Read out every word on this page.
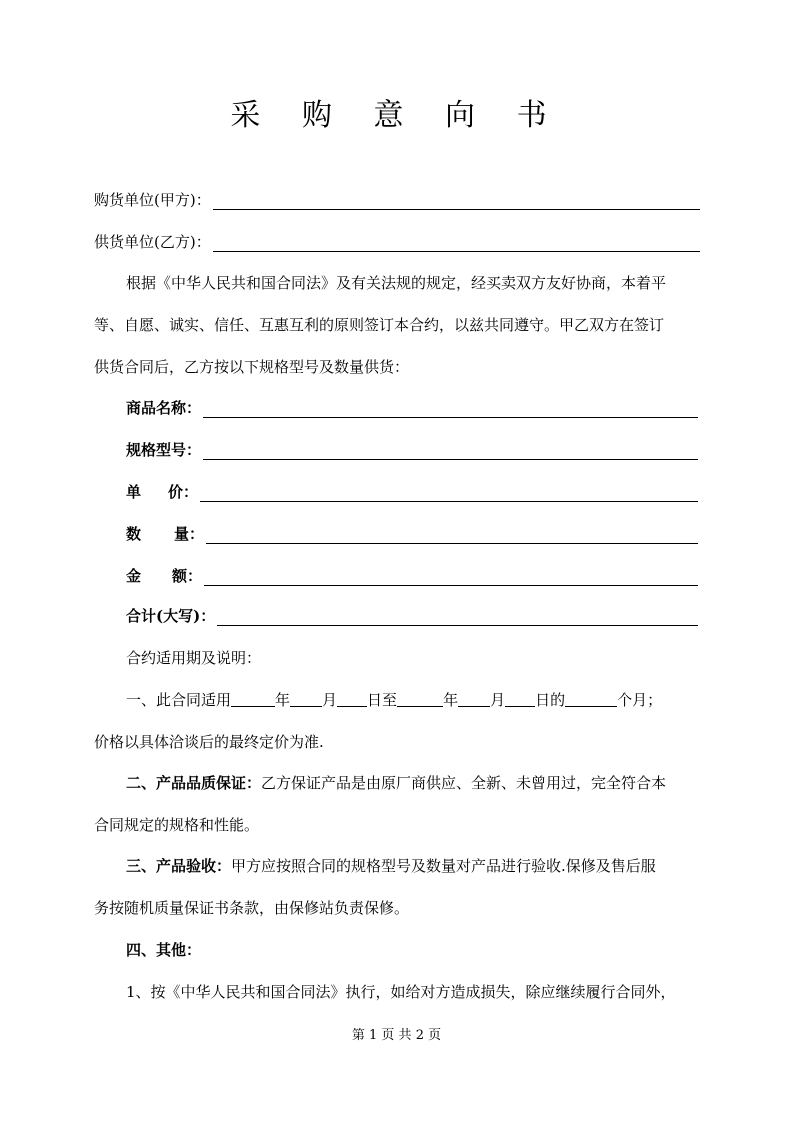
采 购 意 向 书
购货单位(甲方)：
供货单位(乙方)：
根据《中华人民共和国合同法》及有关法规的规定，经买卖双方友好协商，本着平
等、自愿、诚实、信任、互惠互利的原则签订本合约，以兹共同遵守。甲乙双方在签订
供货合同后，乙方按以下规格型号及数量供货：
商品名称：
规格型号：
单	价：
数	量：
金	额：
合计(大写)：
合约适用期及说明：
一、此合同适用	年 月 日至	年 月 日的	个月；
价格以具体洽谈后的最终定价为准.
二、产品品质保证：乙方保证产品是由原厂商供应、全新、未曾用过，完全符合本
合同规定的规格和性能。
三、产品验收：甲方应按照合同的规格型号及数量对产品进行验收.保修及售后服
务按随机质量保证书条款，由保修站负责保修。
四、其他：
1、按《中华人民共和国合同法》执行，如给对方造成损失，除应继续履行合同外，
第 1 页 共 2 页
